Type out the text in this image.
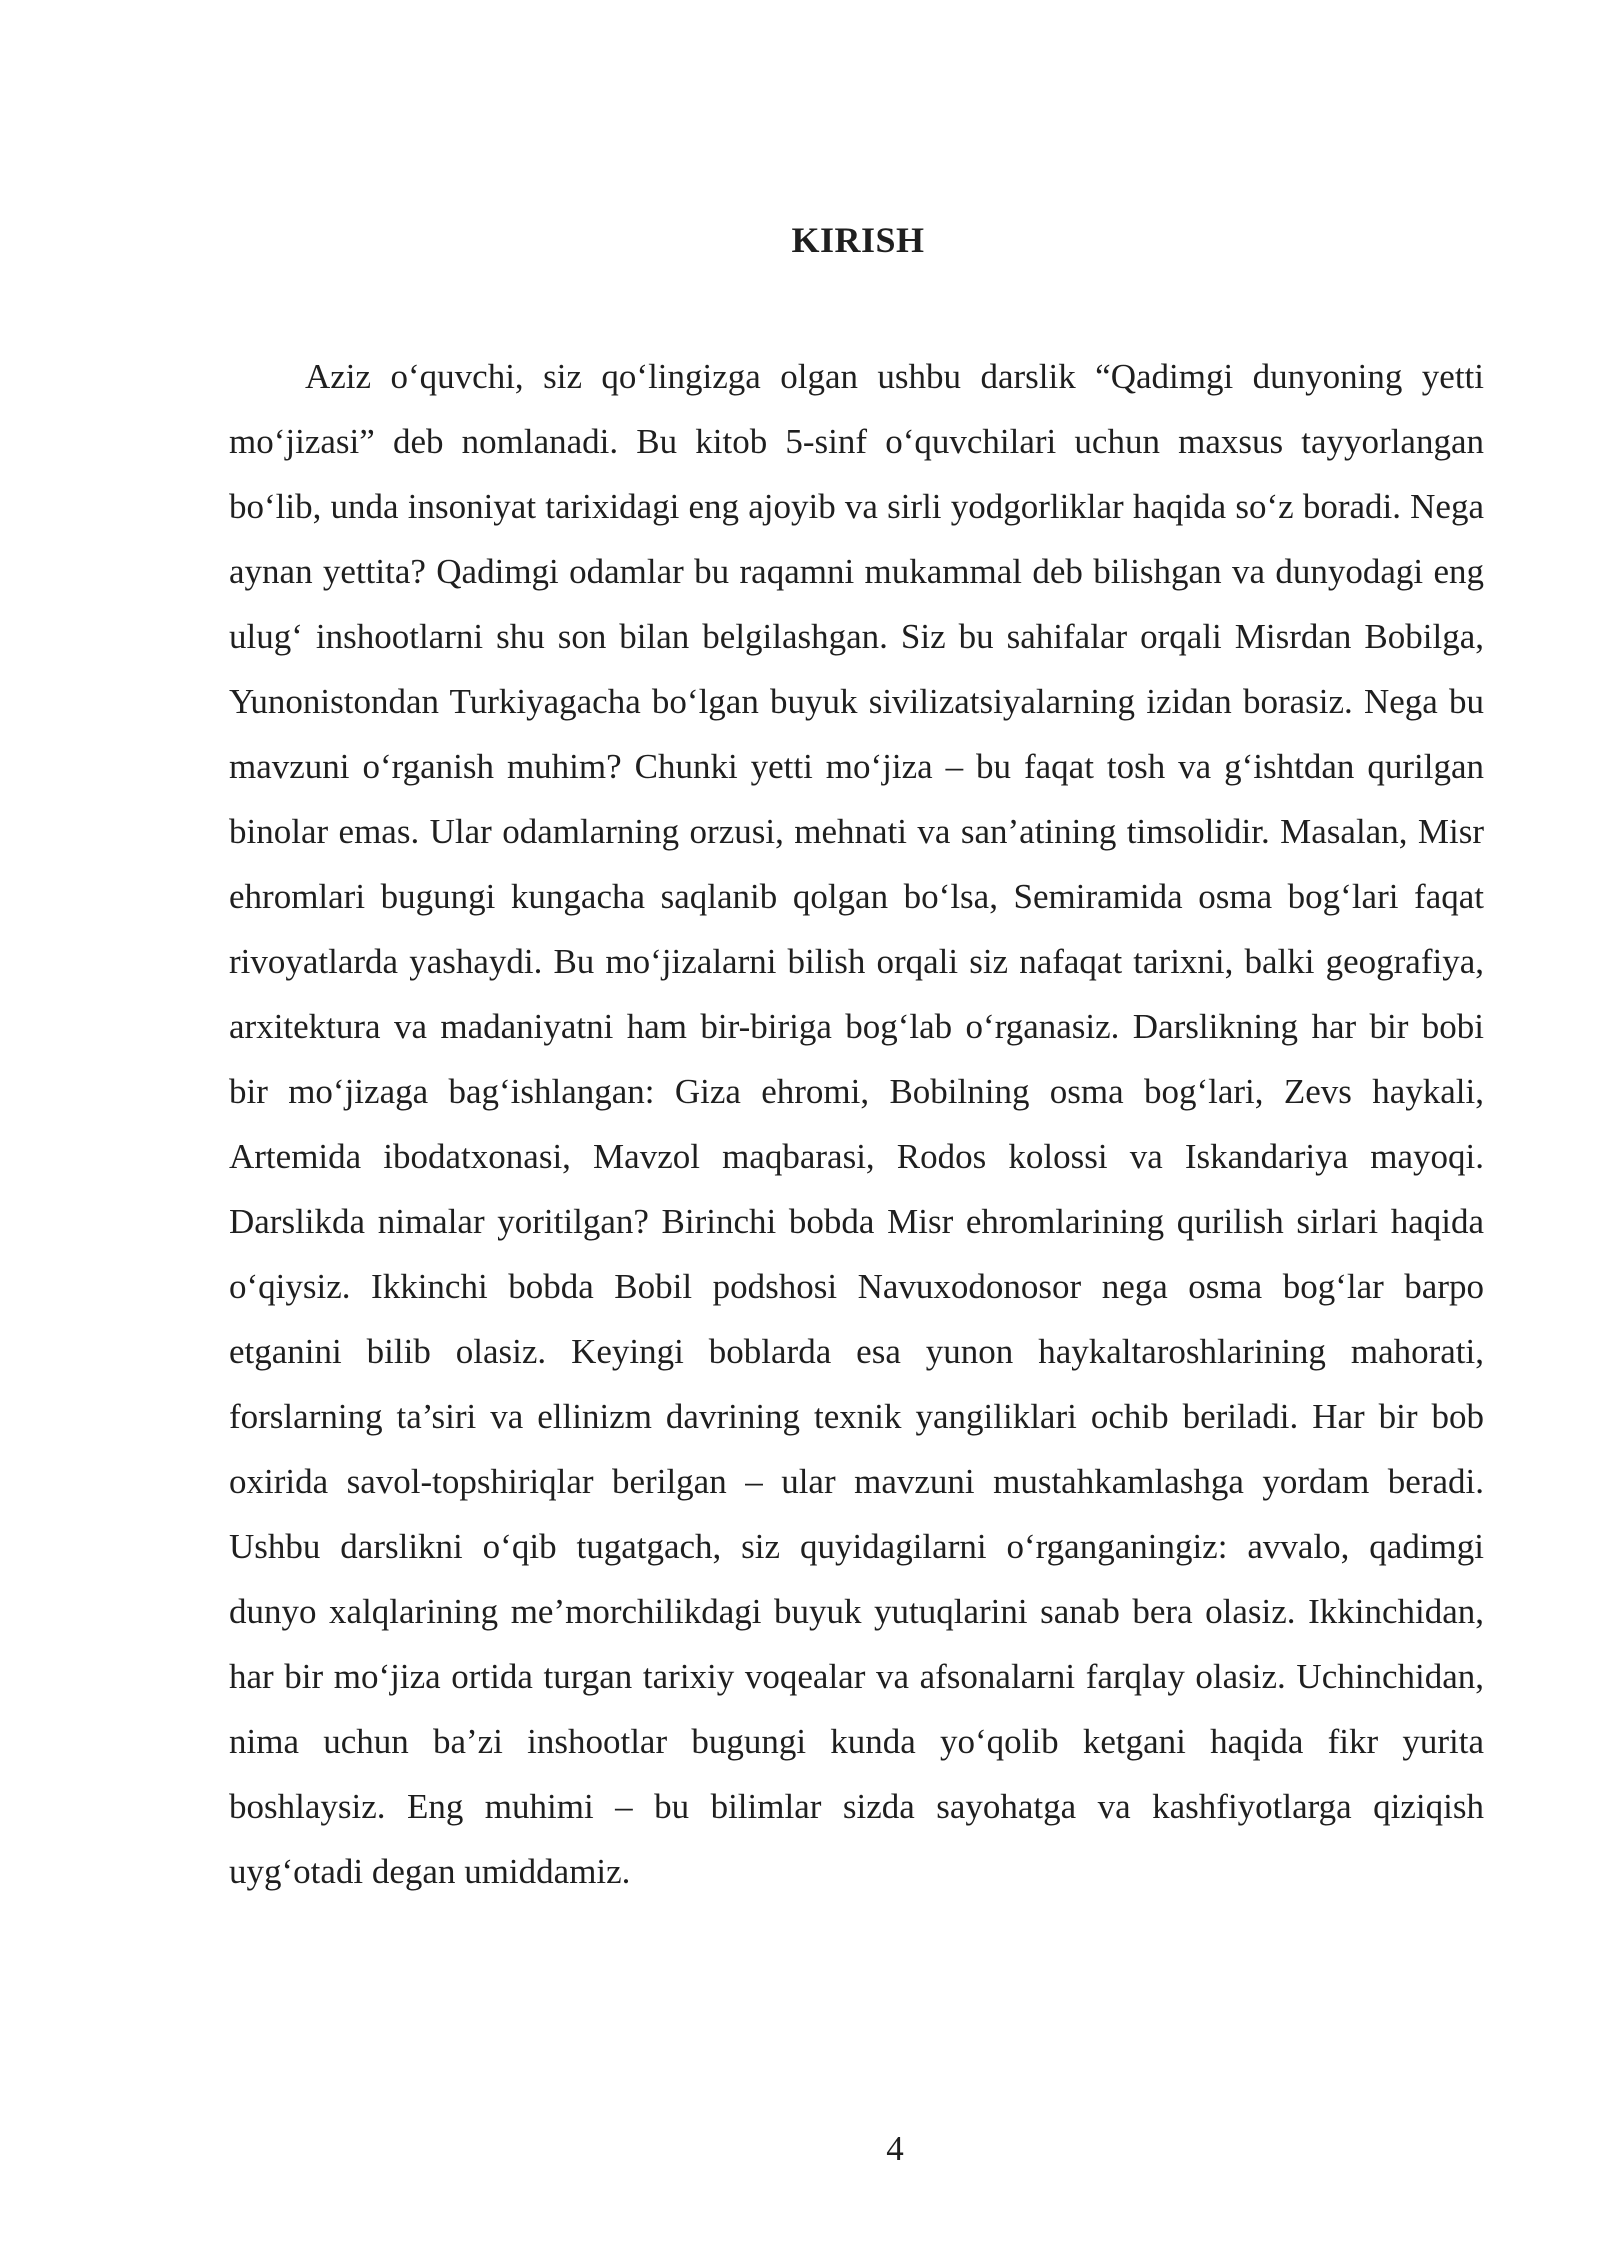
KIRISH

Aziz o‘quvchi, siz qo‘lingizga olgan ushbu darslik “Qadimgi dunyoning yetti mo‘jizasi” deb nomlanadi. Bu kitob 5-sinf o‘quvchilari uchun maxsus tayyorlangan bo‘lib, unda insoniyat tarixidagi eng ajoyib va sirli yodgorliklar haqida so‘z boradi. Nega aynan yettita? Qadimgi odamlar bu raqamni mukammal deb bilishgan va dunyodagi eng ulug‘ inshootlarni shu son bilan belgilashgan. Siz bu sahifalar orqali Misrdan Bobilga, Yunonistondan Turkiyagacha bo‘lgan buyuk sivilizatsiyalarning izidan borasiz. Nega bu mavzuni o‘rganish muhim? Chunki yetti mo‘jiza – bu faqat tosh va g‘ishtdan qurilgan binolar emas. Ular odamlarning orzusi, mehnati va san’atining timsolidir. Masalan, Misr ehromlari bugungi kungacha saqlanib qolgan bo‘lsa, Semiramida osma bog‘lari faqat rivoyatlarda yashaydi. Bu mo‘jizalarni bilish orqali siz nafaqat tarixni, balki geografiya, arxitektura va madaniyatni ham bir-biriga bog‘lab o‘rganasiz. Darslikning har bir bobi bir mo‘jizaga bag‘ishlangan: Giza ehromi, Bobilning osma bog‘lari, Zevs haykali, Artemida ibodatxonasi, Mavzol maqbarasi, Rodos kolossi va Iskandariya mayoqi. Darslikda nimalar yoritilgan? Birinchi bobda Misr ehromlarining qurilish sirlari haqida o‘qiysiz. Ikkinchi bobda Bobil podshosi Navuxodonosor nega osma bog‘lar barpo etganini bilib olasiz. Keyingi boblarda esa yunon haykaltaroshlarining mahorati, forslarning ta’siri va ellinizm davrining texnik yangiliklari ochib beriladi. Har bir bob oxirida savol-topshiriqlar berilgan – ular mavzuni mustahkamlashga yordam beradi. Ushbu darslikni o‘qib tugatgach, siz quyidagilarni o‘rganganingiz: avvalo, qadimgi dunyo xalqlarining me’morchilikdagi buyuk yutuqlarini sanab bera olasiz. Ikkinchidan, har bir mo‘jiza ortida turgan tarixiy voqealar va afsonalarni farqlay olasiz. Uchinchidan, nima uchun ba’zi inshootlar bugungi kunda yo‘qolib ketgani haqida fikr yurita boshlaysiz. Eng muhimi – bu bilimlar sizda sayohatga va kashfiyotlarga qiziqish uyg‘otadi degan umiddamiz.

4
